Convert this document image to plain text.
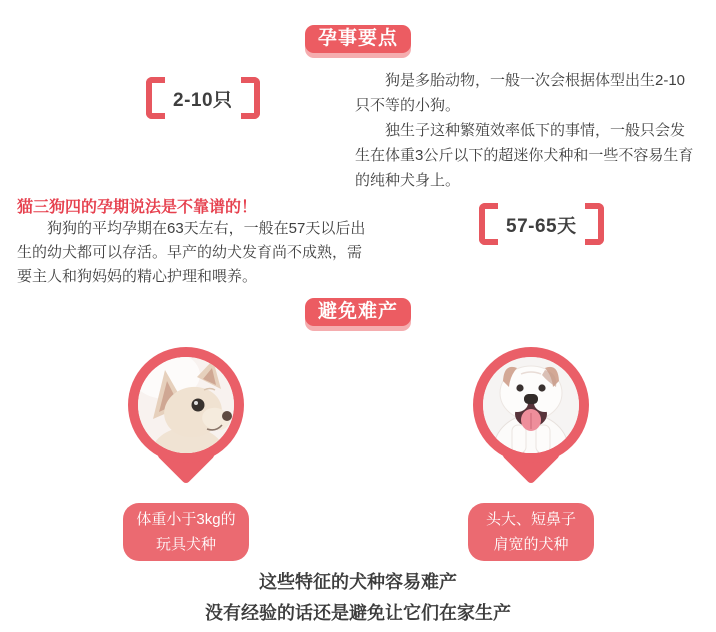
孕事要点
2-10只

狗是多胎动物，一般一次会根据体型出生2-10只不等的小狗。

独生子这种繁殖效率低下的事情，一般只会发生在体重3公斤以下的超迷你犬种和一些不容易生育的纯种犬身上。

猫三狗四的孕期说法是不靠谱的！

狗狗的平均孕期在63天左右，一般在57天以后出生的幼犬都可以存活。早产的幼犬发育尚不成熟，需要主人和狗妈妈的精心护理和喂养。

57-65天
避免难产
体重小于3kg的
玩具犬种
头大、短鼻子
肩宽的犬种
这些特征的犬种容易难产
没有经验的话还是避免让它们在家生产
